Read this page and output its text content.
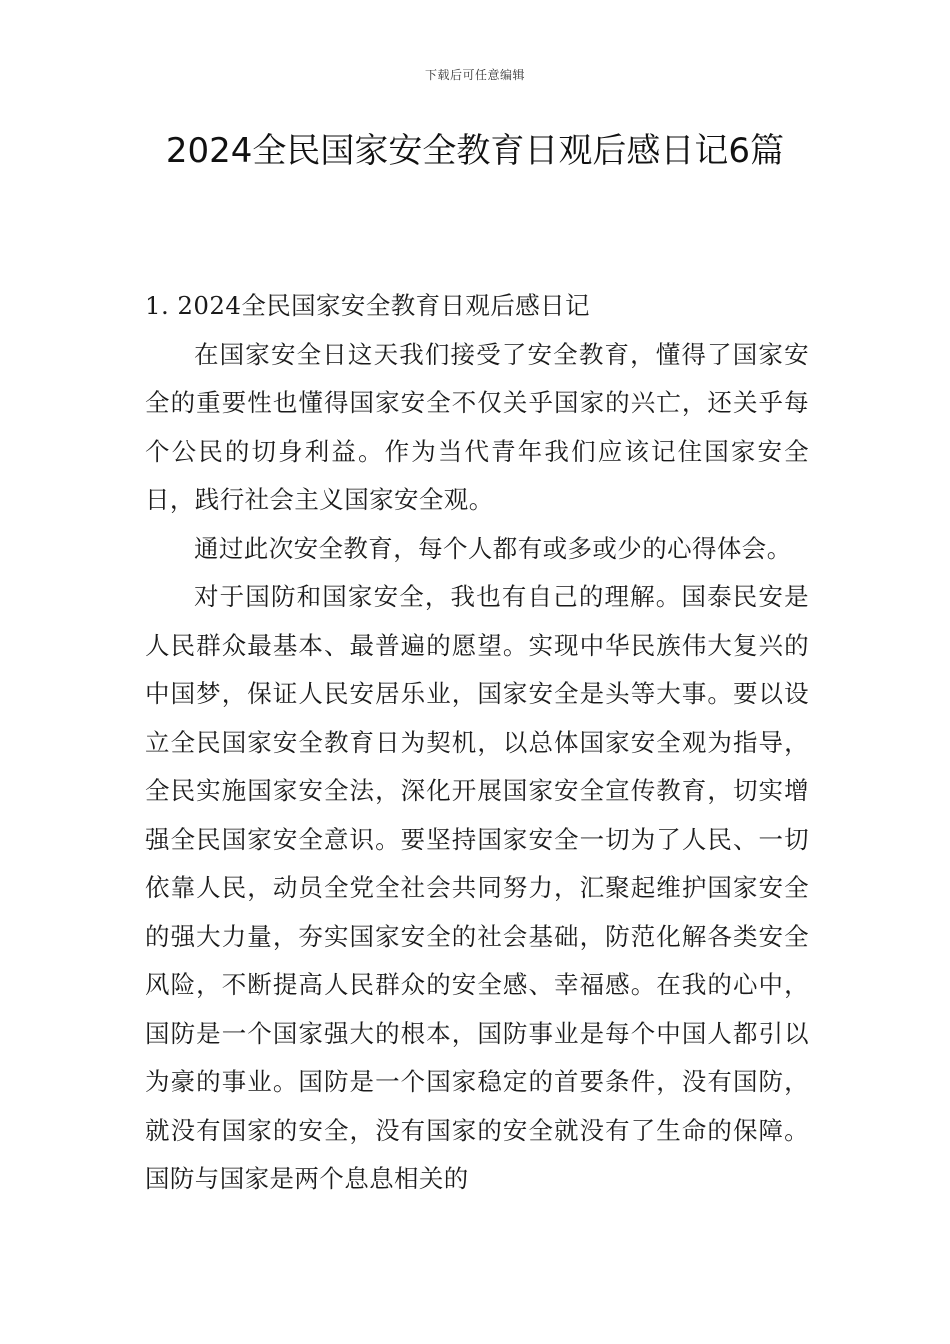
下载后可任意编辑
2024全民国家安全教育日观后感日记6篇
1. 2024全民国家安全教育日观后感日记

在国家安全日这天我们接受了安全教育，懂得了国家安全的重要性也懂得国家安全不仅关乎国家的兴亡，还关乎每个公民的切身利益。作为当代青年我们应该记住国家安全日，践行社会主义国家安全观。

通过此次安全教育，每个人都有或多或少的心得体会。

对于国防和国家安全，我也有自己的理解。国泰民安是人民群众最基本、最普遍的愿望。实现中华民族伟大复兴的中国梦，保证人民安居乐业，国家安全是头等大事。要以设立全民国家安全教育日为契机，以总体国家安全观为指导，全民实施国家安全法，深化开展国家安全宣传教育，切实增强全民国家安全意识。要坚持国家安全一切为了人民、一切依靠人民，动员全党全社会共同努力，汇聚起维护国家安全的强大力量，夯实国家安全的社会基础，防范化解各类安全风险，不断提高人民群众的安全感、幸福感。在我的心中，国防是一个国家强大的根本，国防事业是每个中国人都引以为豪的事业。国防是一个国家稳定的首要条件，没有国防，就没有国家的安全，没有国家的安全就没有了生命的保障。国防与国家是两个息息相关的
